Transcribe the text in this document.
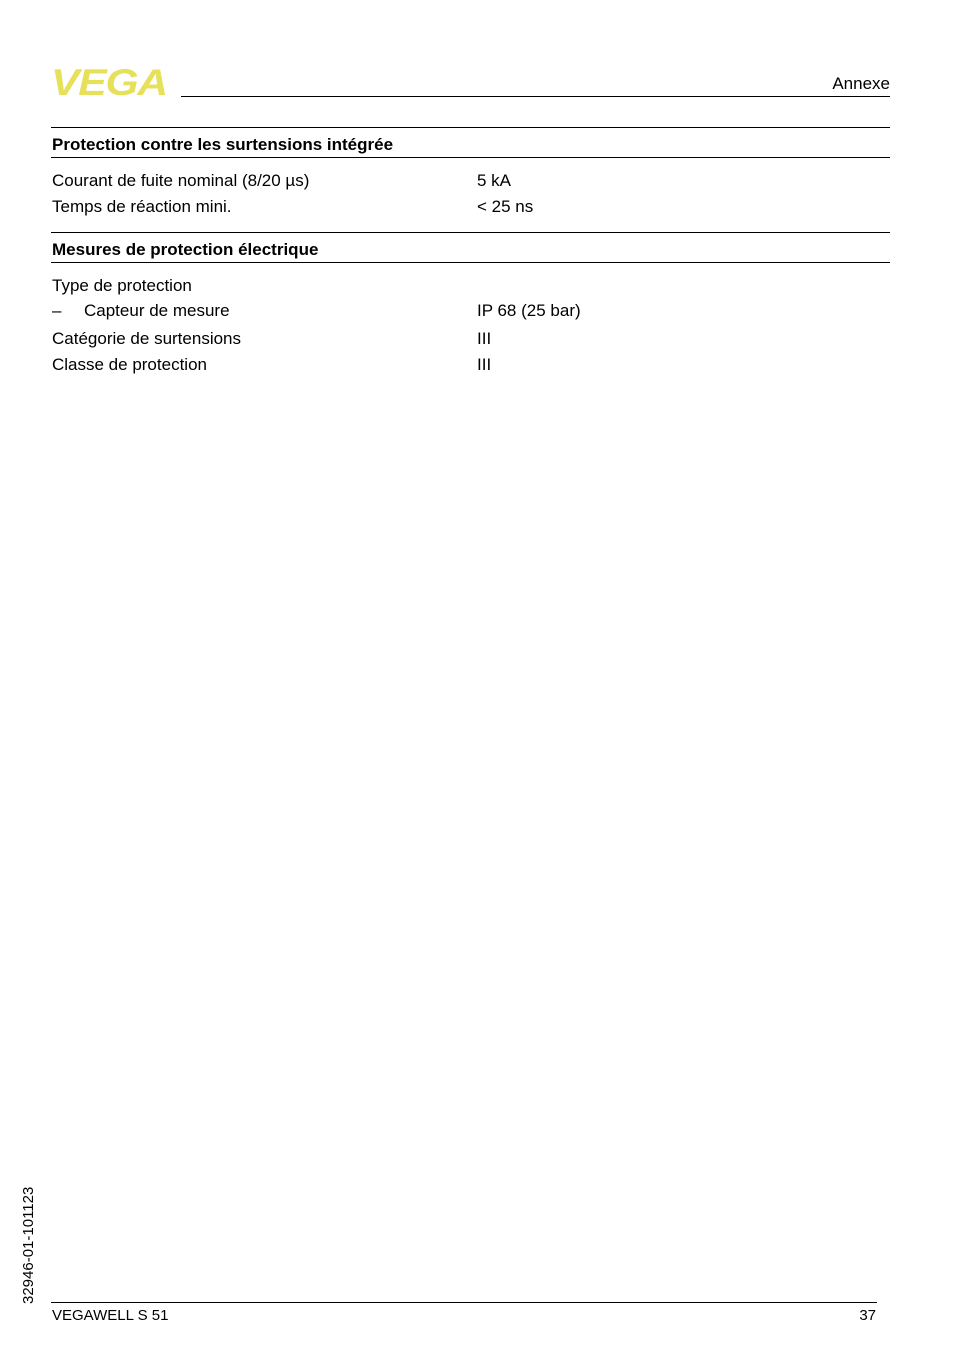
VEGA	Annexe
Protection contre les surtensions intégrée
Courant de fuite nominal (8/20 µs)	5 kA
Temps de réaction mini.	< 25 ns
Mesures de protection électrique
Type de protection
– Capteur de mesure	IP 68 (25 bar)
Catégorie de surtensions	III
Classe de protection	III
32946-01-101123
VEGAWELL S 51	37
